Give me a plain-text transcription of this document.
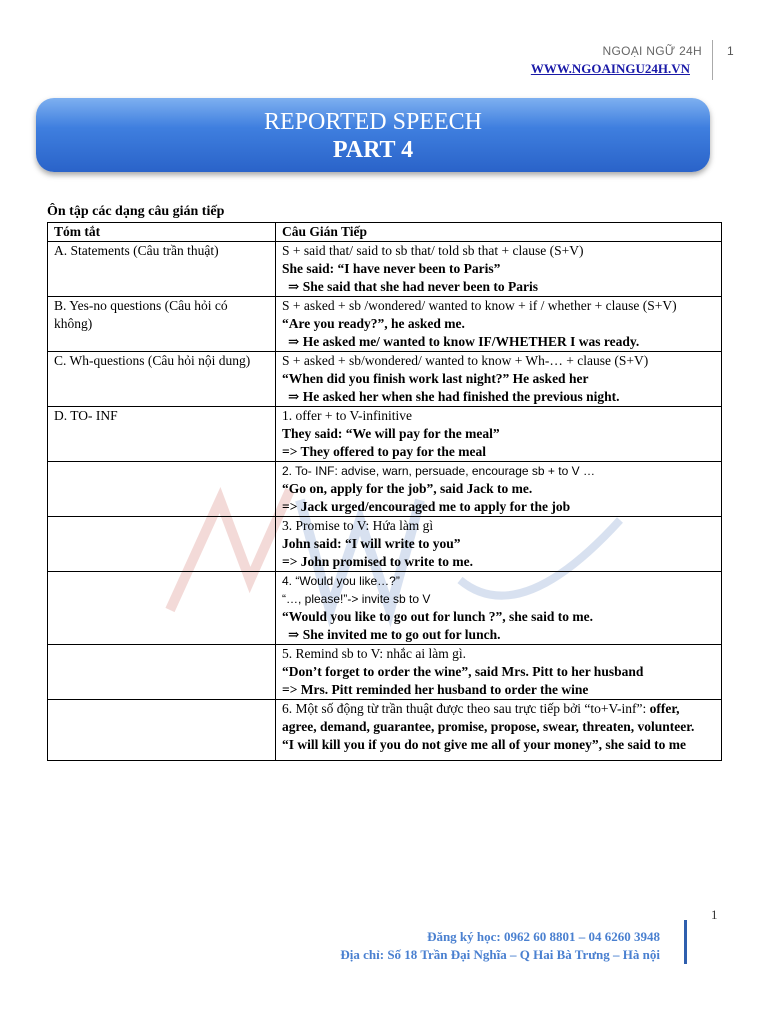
NGOẠI NGỮ 24H
WWW.NGOAINGU24H.VN
1
REPORTED SPEECH
PART 4
Ôn tập các dạng câu gián tiếp
Tóm tắt	Câu Gián Tiếp
A. Statements (Câu trần thuật)	S + said that/ said to sb that/ told sb that + clause (S+V)
She said: “I have never been to Paris”
⇒ She said that she had never been to Paris

B. Yes-no questions (Câu hỏi có không)	S + asked + sb /wondered/ wanted to know + if / whether + clause (S+V)
“Are you ready?”, he asked me.
⇒ He asked me/ wanted to know IF/WHETHER I was ready.

C. Wh-questions (Câu hỏi nội dung)	S + asked + sb/wondered/ wanted to know + Wh-… + clause (S+V)
“When did you finish work last night?” He asked her
⇒ He asked her when she had finished the previous night.

D. TO- INF	1. offer + to V-infinitive
They said: “We will pay for the meal”
=> They offered to pay for the meal

	2. To- INF: advise, warn, persuade, encourage sb + to V …
“Go on, apply for the job”, said Jack to me.
=> Jack urged/encouraged me to apply for the job

	3. Promise to V: Hứa làm gì
John said: “I will write to you”
=> John promised to write to me.

	4. “Would you like…?”
“…, please!”-> invite sb to V
“Would you like to go out for lunch ?”, she said to me.
⇒ She invited me to go out for lunch.

	5. Remind sb to V: nhắc ai làm gì.
“Don’t forget to order the wine”, said Mrs. Pitt to her husband
=> Mrs. Pitt reminded her husband to order the wine

	6. Một số động từ trần thuật được theo sau trực tiếp bởi “to+V-inf”: offer, agree, demand, guarantee, promise, propose, swear, threaten, volunteer.
“I will kill you if you do not give me all of your money”, she said to me
1
Đăng ký học: 0962 60 8801 – 04 6260 3948
Địa chỉ: Số 18 Trần Đại Nghĩa – Q Hai Bà Trưng – Hà nội
